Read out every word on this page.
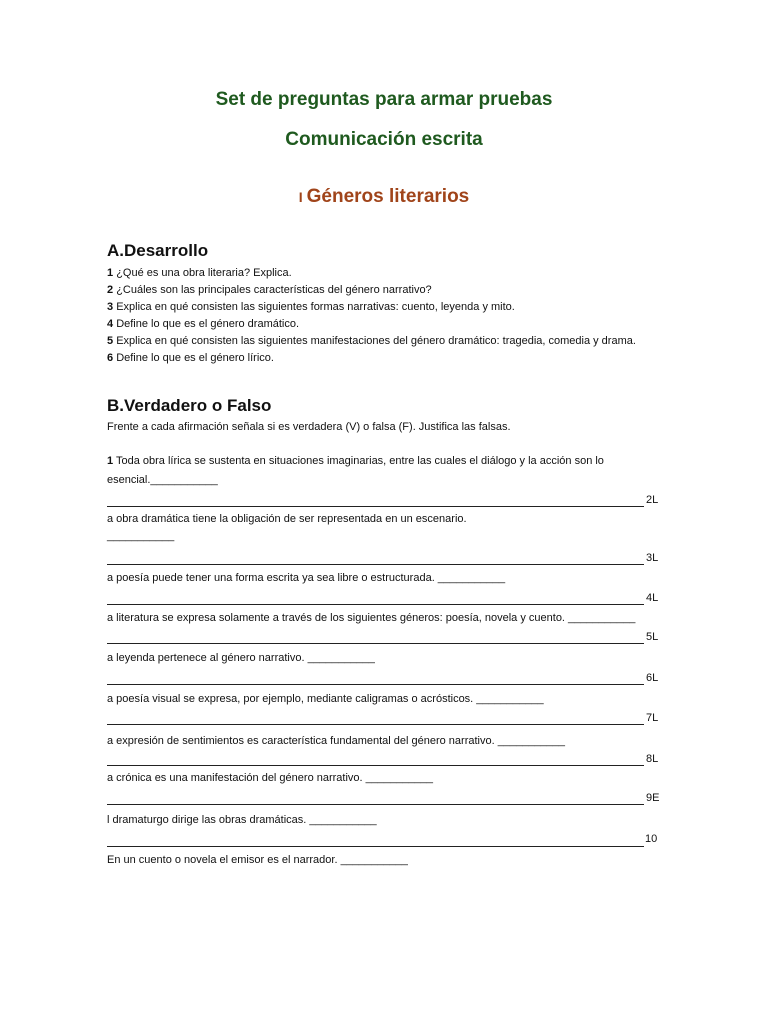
Set de preguntas para armar pruebas
Comunicación escrita
I Géneros literarios
A.Desarrollo
1 ¿Qué es una obra literaria? Explica.
2 ¿Cuáles son las principales características del género narrativo?
3 Explica en qué consisten las siguientes formas narrativas: cuento, leyenda y mito.
4 Define lo que es el género dramático.
5 Explica en qué consisten las siguientes manifestaciones del género dramático: tragedia, comedia y drama.
6 Define lo que es el género lírico.
B.Verdadero o Falso
Frente a cada afirmación señala si es verdadera (V) o falsa (F). Justifica las falsas.
1 Toda obra lírica se sustenta en situaciones imaginarias, entre las cuales el diálogo y la acción son lo
esencial.___________
2L
a obra dramática tiene la obligación de ser representada en un escenario.
___________
3L
a poesía puede tener una forma escrita ya sea libre o estructurada. ___________
4L
a literatura se expresa solamente a través de los siguientes géneros: poesía, novela y cuento. ___________
5L
a leyenda pertenece al género narrativo. ___________
6L
a poesía visual se expresa, por ejemplo, mediante caligramas o acrósticos. ___________
7L
a expresión de sentimientos es característica fundamental del género narrativo. ___________
8L
a crónica es una manifestación del género narrativo. ___________
9E
l dramaturgo dirige las obras dramáticas. ___________
10
En un cuento o novela el emisor es el narrador. ___________
